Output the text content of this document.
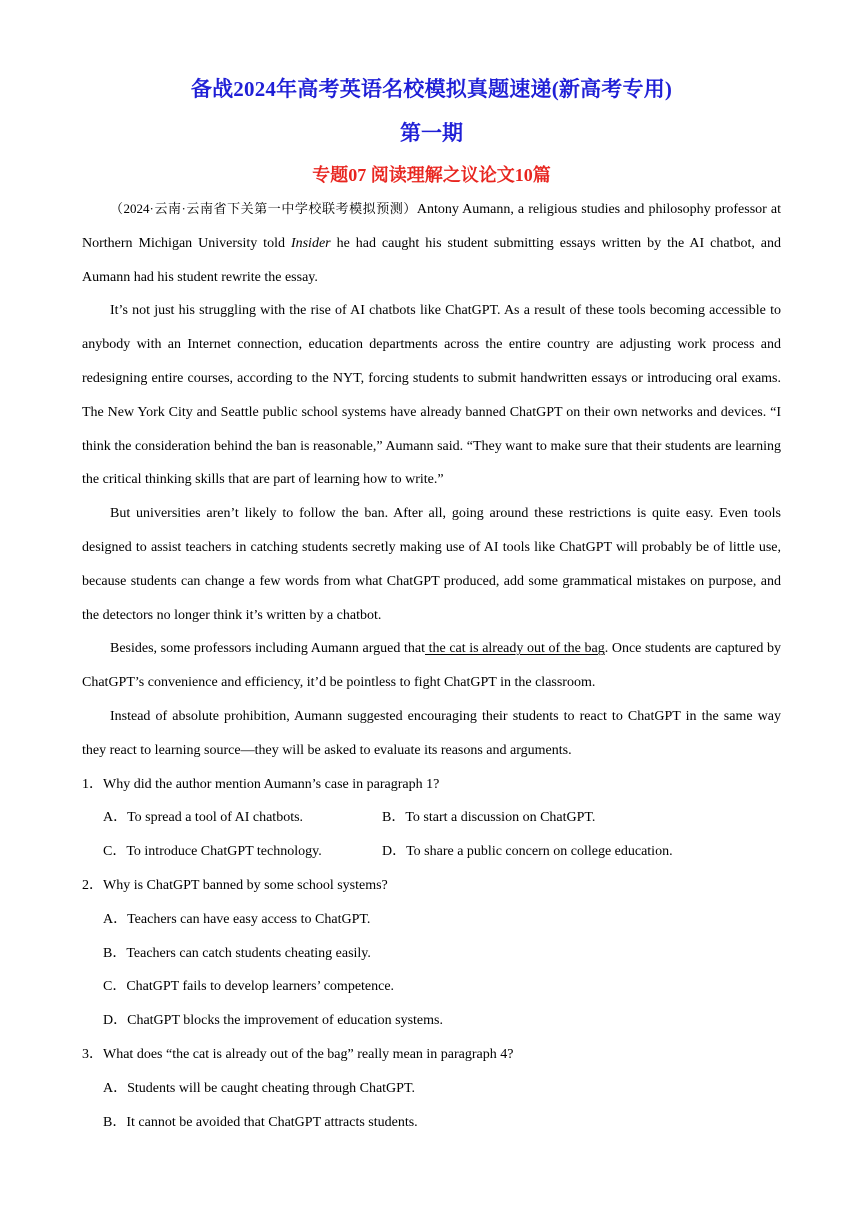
备战2024年高考英语名校模拟真题速递(新高考专用)
第一期
专题07 阅读理解之议论文10篇

（2024·云南·云南省下关第一中学校联考模拟预测）Antony Aumann, a religious studies and philosophy professor at Northern Michigan University told Insider he had caught his student submitting essays written by the AI chatbot, and Aumann had his student rewrite the essay.

It’s not just his struggling with the rise of AI chatbots like ChatGPT. As a result of these tools becoming accessible to anybody with an Internet connection, education departments across the entire country are adjusting work process and redesigning entire courses, according to the NYT, forcing students to submit handwritten essays or introducing oral exams. The New York City and Seattle public school systems have already banned ChatGPT on their own networks and devices. “I think the consideration behind the ban is reasonable,” Aumann said. “They want to make sure that their students are learning the critical thinking skills that are part of learning how to write.”

But universities aren’t likely to follow the ban. After all, going around these restrictions is quite easy. Even tools designed to assist teachers in catching students secretly making use of AI tools like ChatGPT will probably be of little use, because students can change a few words from what ChatGPT produced, add some grammatical mistakes on purpose, and the detectors no longer think it’s written by a chatbot.

Besides, some professors including Aumann argued that the cat is already out of the bag. Once students are captured by ChatGPT’s convenience and efficiency, it’d be pointless to fight ChatGPT in the classroom.

Instead of absolute prohibition, Aumann suggested encouraging their students to react to ChatGPT in the same way they react to learning source—they will be asked to evaluate its reasons and arguments.

1．Why did the author mention Aumann’s case in paragraph 1?

A．To spread a tool of AI chatbots.	B．To start a discussion on ChatGPT.
C．To introduce ChatGPT technology.	D．To share a public concern on college education.

2．Why is ChatGPT banned by some school systems?

A．Teachers can have easy access to ChatGPT.
B．Teachers can catch students cheating easily.
C．ChatGPT fails to develop learners’ competence.
D．ChatGPT blocks the improvement of education systems.

3．What does “the cat is already out of the bag” really mean in paragraph 4?

A．Students will be caught cheating through ChatGPT.
B．It cannot be avoided that ChatGPT attracts students.
